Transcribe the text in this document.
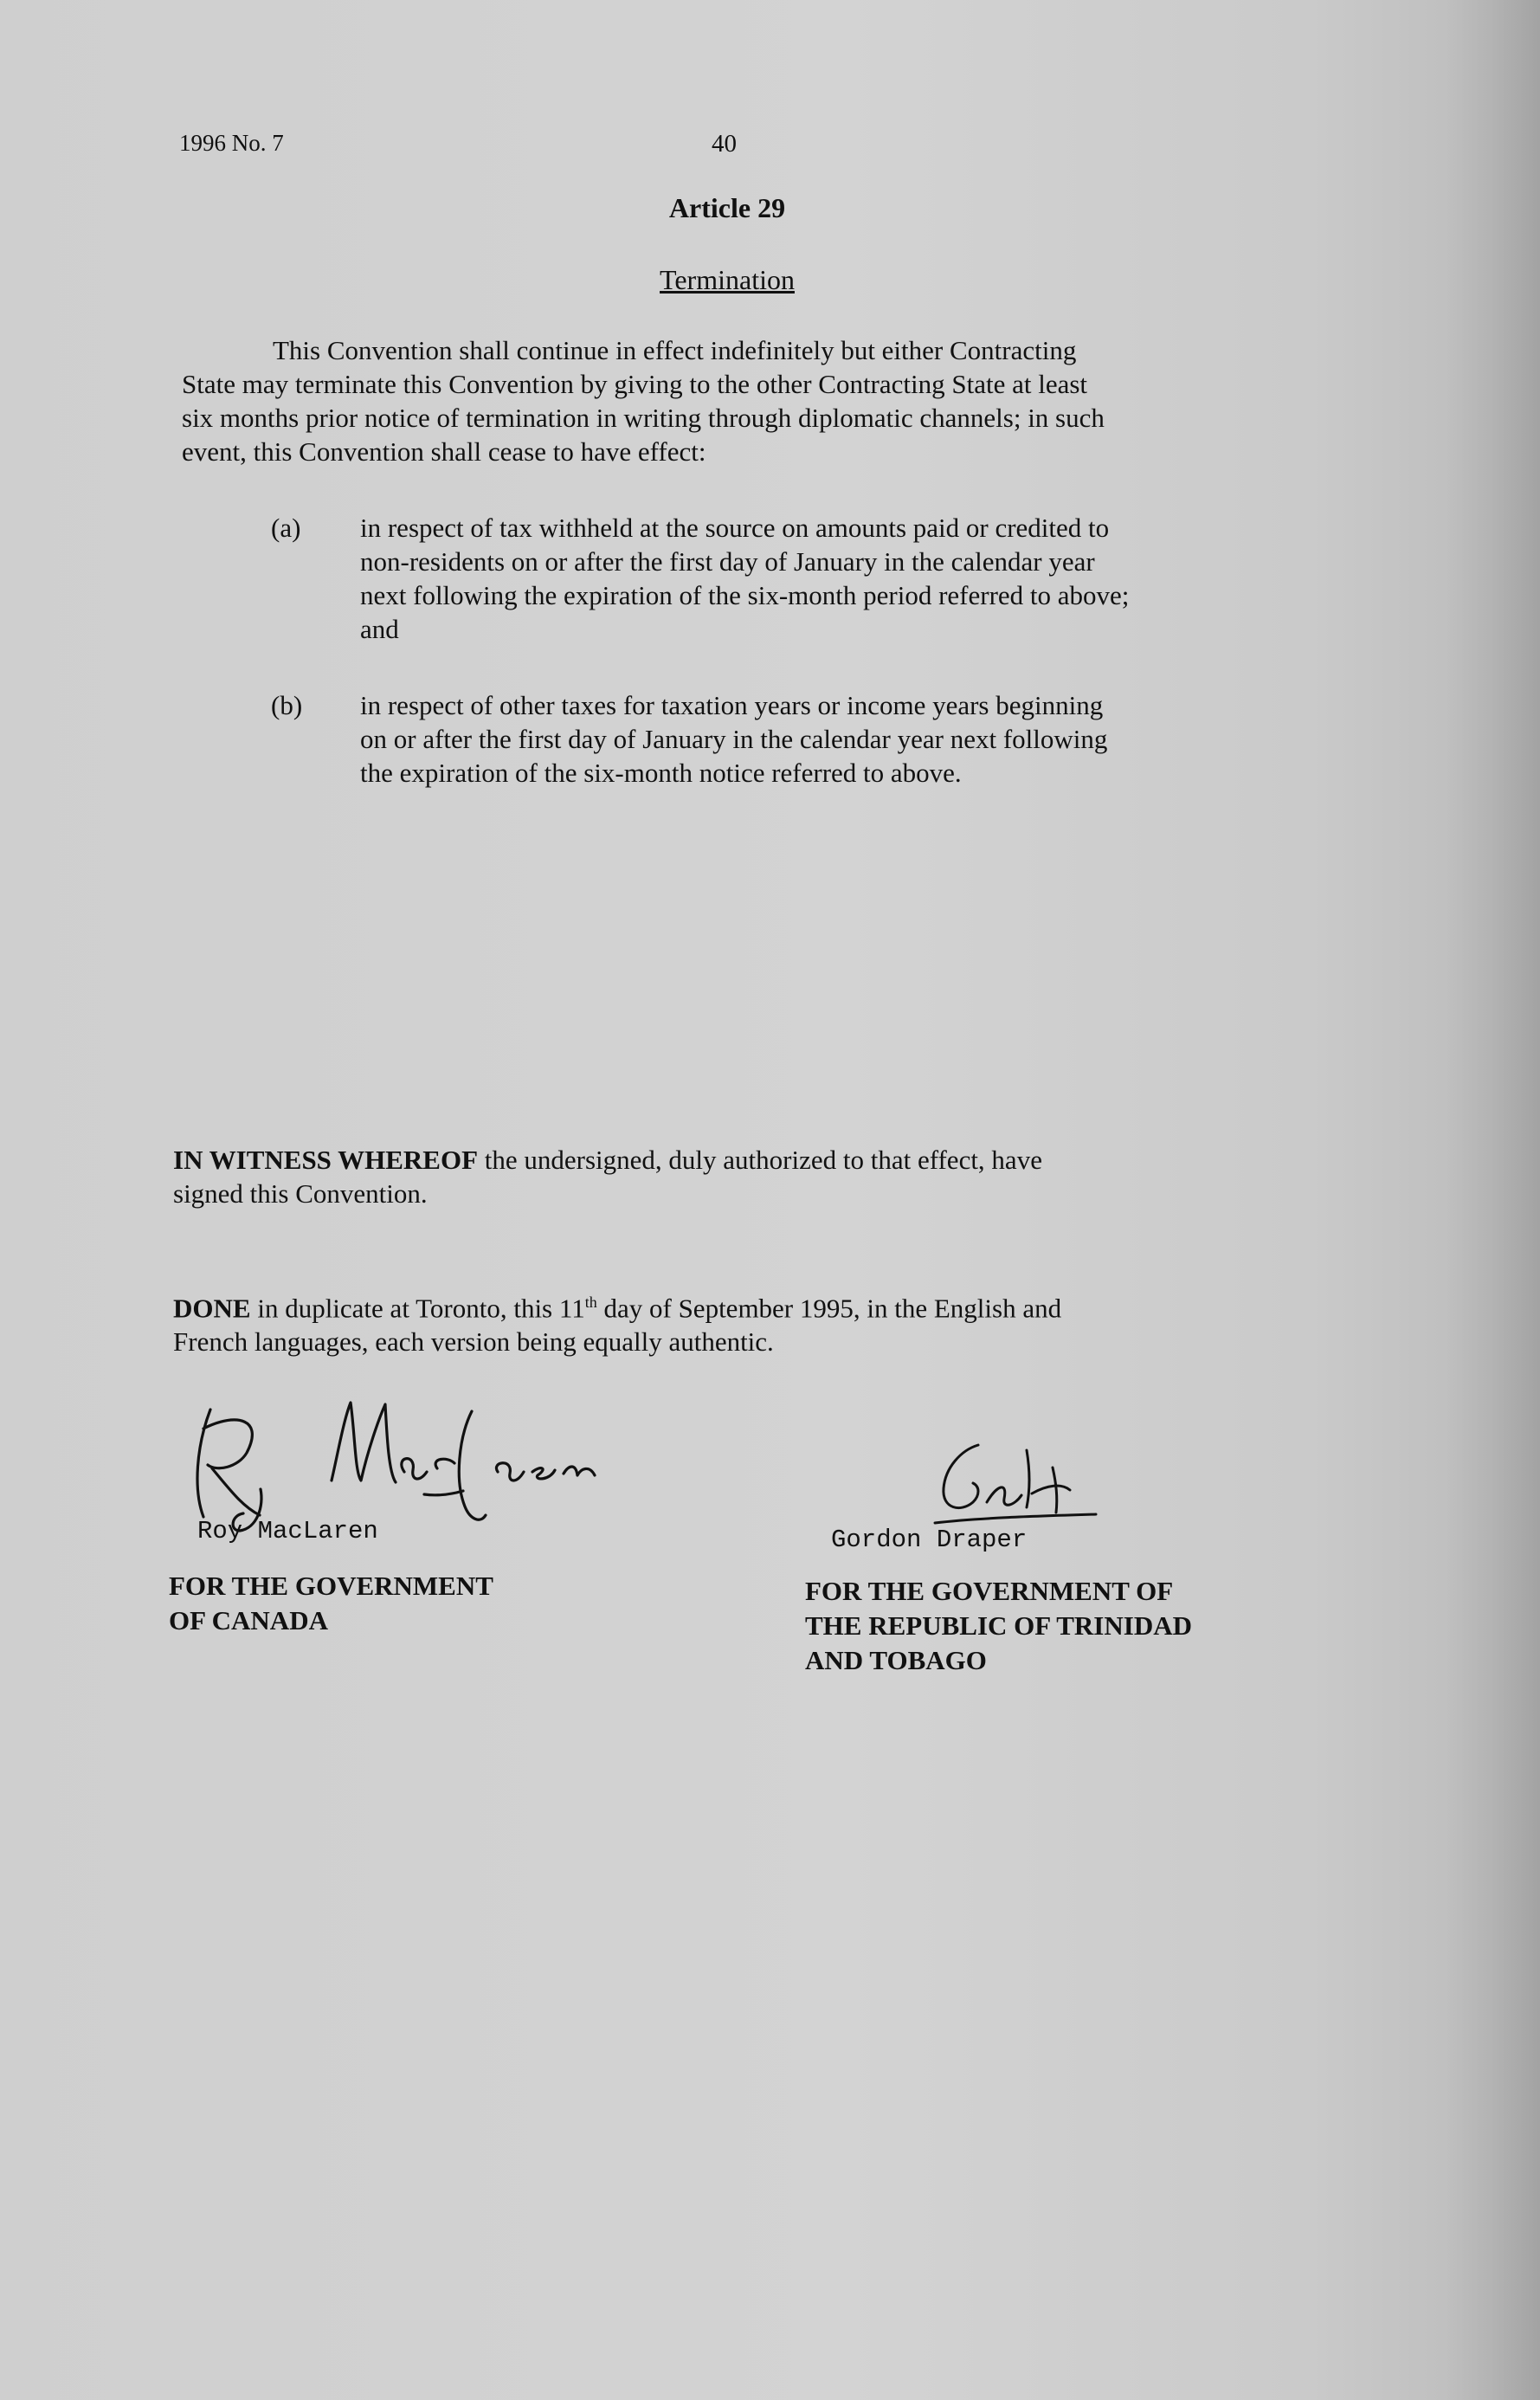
1996 No. 7	40
Article 29
Termination
This Convention shall continue in effect indefinitely but either Contracting
State may terminate this Convention by giving to the other Contracting State at least
six months prior notice of termination in writing through diplomatic channels; in such
event, this Convention shall cease to have effect:
(a) in respect of tax withheld at the source on amounts paid or credited to
non-residents on or after the first day of January in the calendar year
next following the expiration of the six-month period referred to above;
and
(b) in respect of other taxes for taxation years or income years beginning
on or after the first day of January in the calendar year next following
the expiration of the six-month notice referred to above.
IN WITNESS WHEREOF the undersigned, duly authorized to that effect, have
signed this Convention.
DONE in duplicate at Toronto, this 11th day of September 1995, in the English and
French languages, each version being equally authentic.
Roy MacLaren	Gordon Draper
FOR THE GOVERNMENT
OF CANADA
FOR THE GOVERNMENT OF
THE REPUBLIC OF TRINIDAD
AND TOBAGO
